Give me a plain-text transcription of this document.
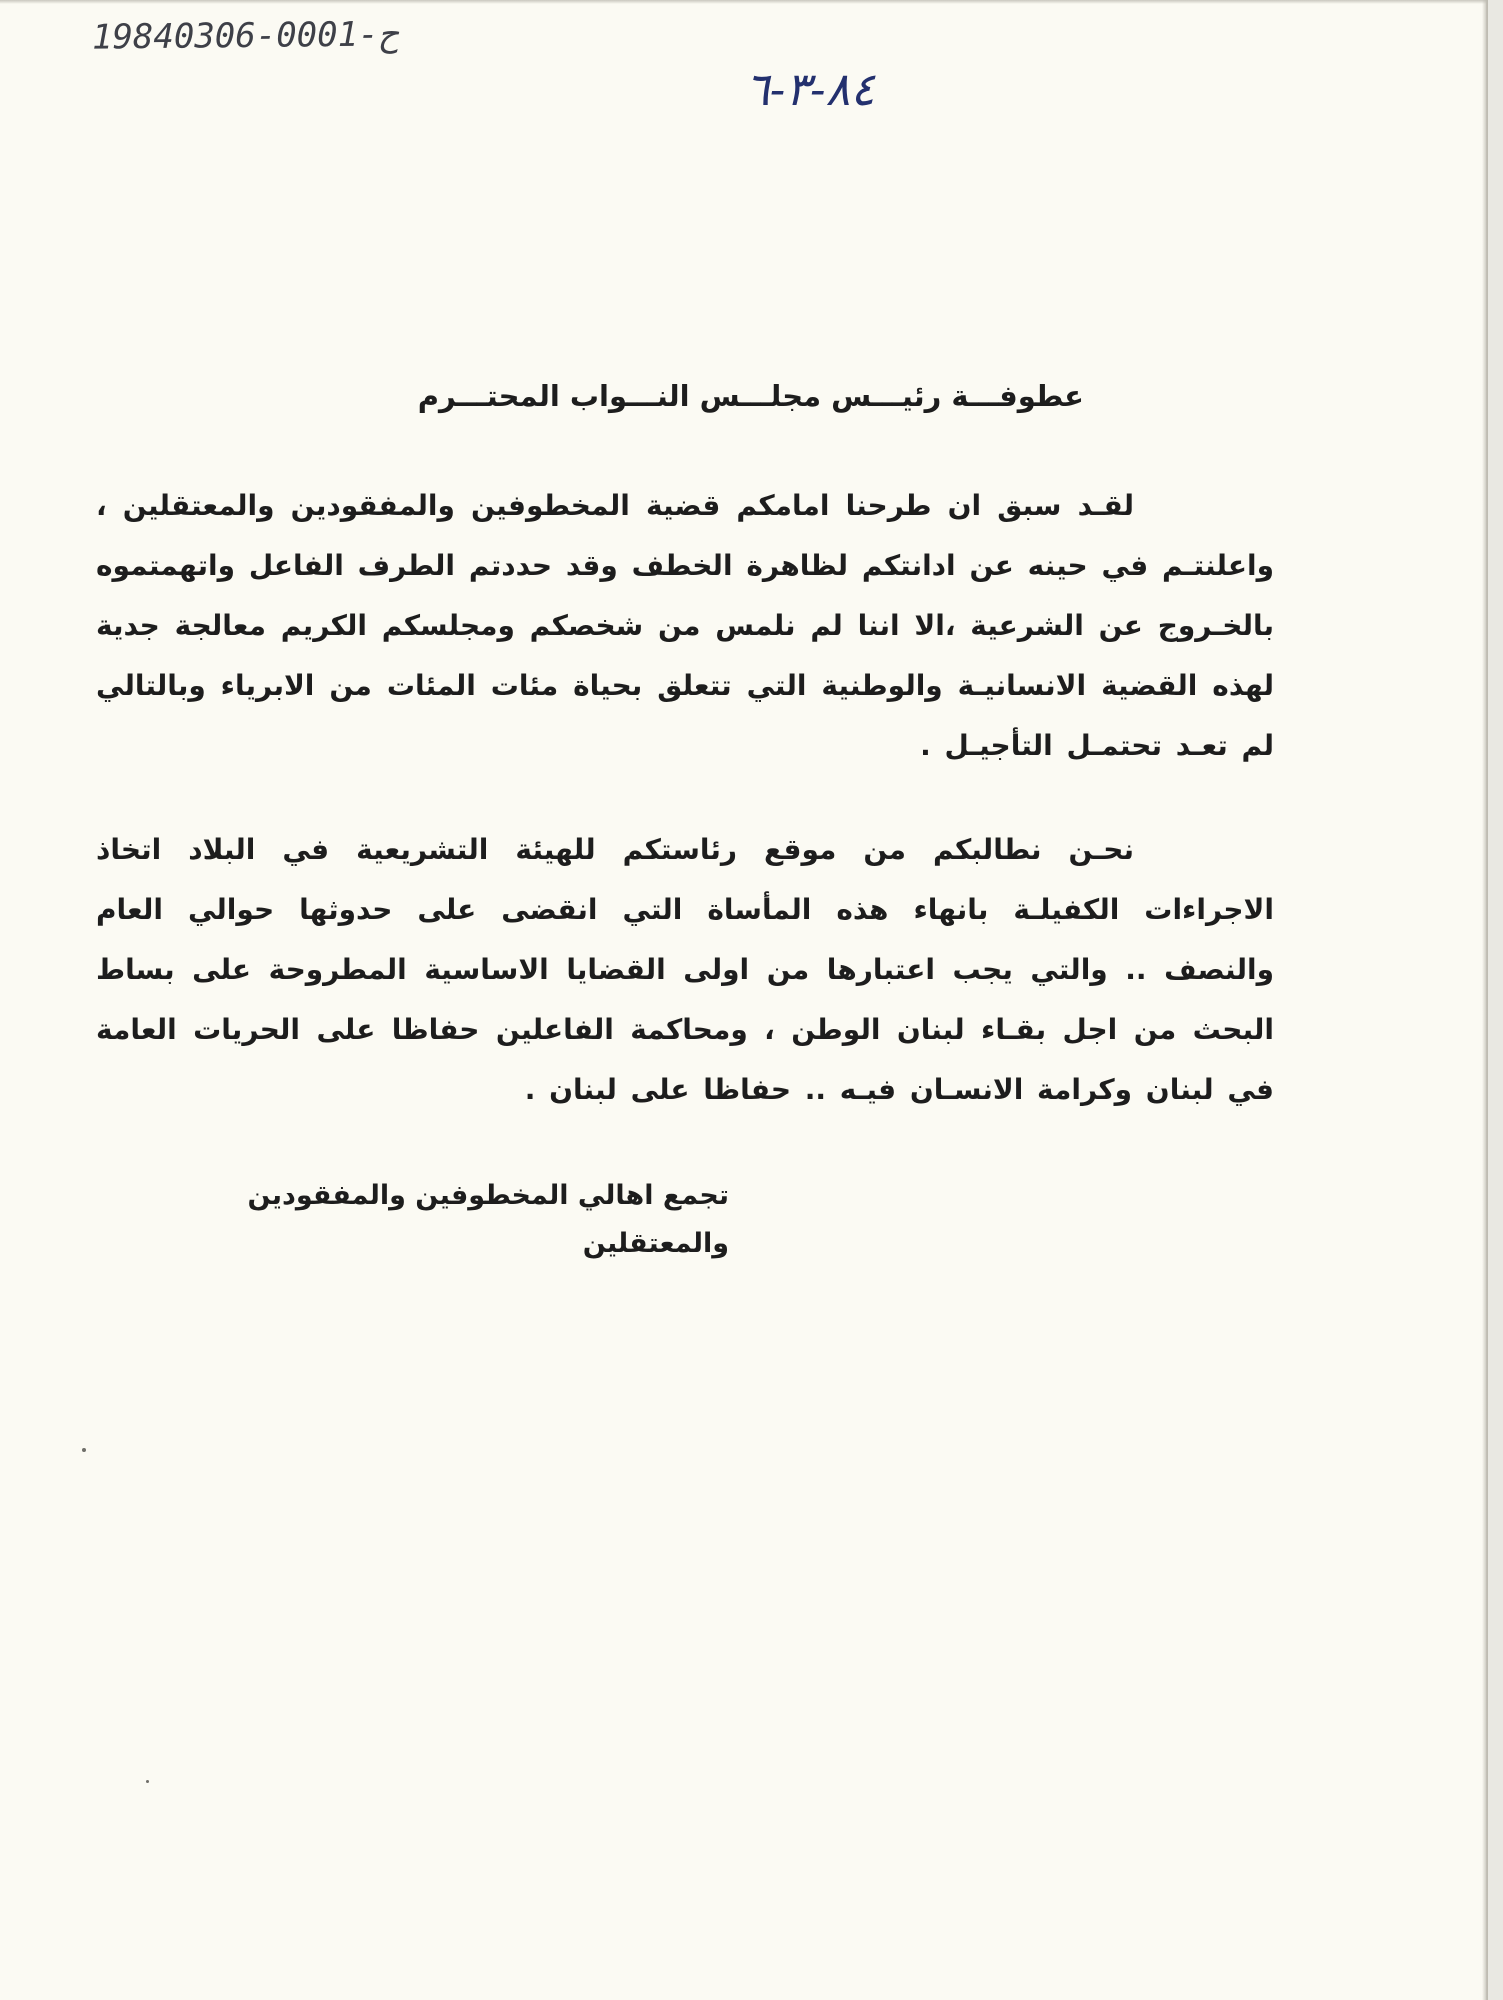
19840306-0001-ح
٨٤-٣-٦

عطوفـــة رئيـــس مجلـــس النـــواب المحتـــرم

لقـد سبق ان طرحنا امامكم قضية المخطوفين والمفقودين والمعتقلين ، واعلنتـم في حينه عن ادانتكم لظاهرة الخطف وقد حددتم الطرف الفاعل واتهمتموه بالخـروج عن الشرعية ،الا اننا لم نلمس من شخصكم ومجلسكم الكريم معالجة جدية لهذه القضية الانسانيـة والوطنية التي تتعلق بحياة مئات المئات من الابرياء وبالتالي لم تعـد تحتمـل التأجيـل .

نحـن نطالبكم من موقع رئاستكم للهيئة التشريعية في البلاد اتخاذ الاجراءات الكفيلـة بانهاء هذه المأساة التي انقضى على حدوثها حوالي العام والنصف .. والتي يجب اعتبارها من اولى القضايا الاساسية المطروحة على بساط البحث من اجل بقـاء لبنان الوطن ، ومحاكمة الفاعلين حفاظا على الحريات العامة في لبنان وكرامة الانسـان فيـه .. حفاظا على لبنان .

تجمع اهالي المخطوفين والمفقودين والمعتقلين
